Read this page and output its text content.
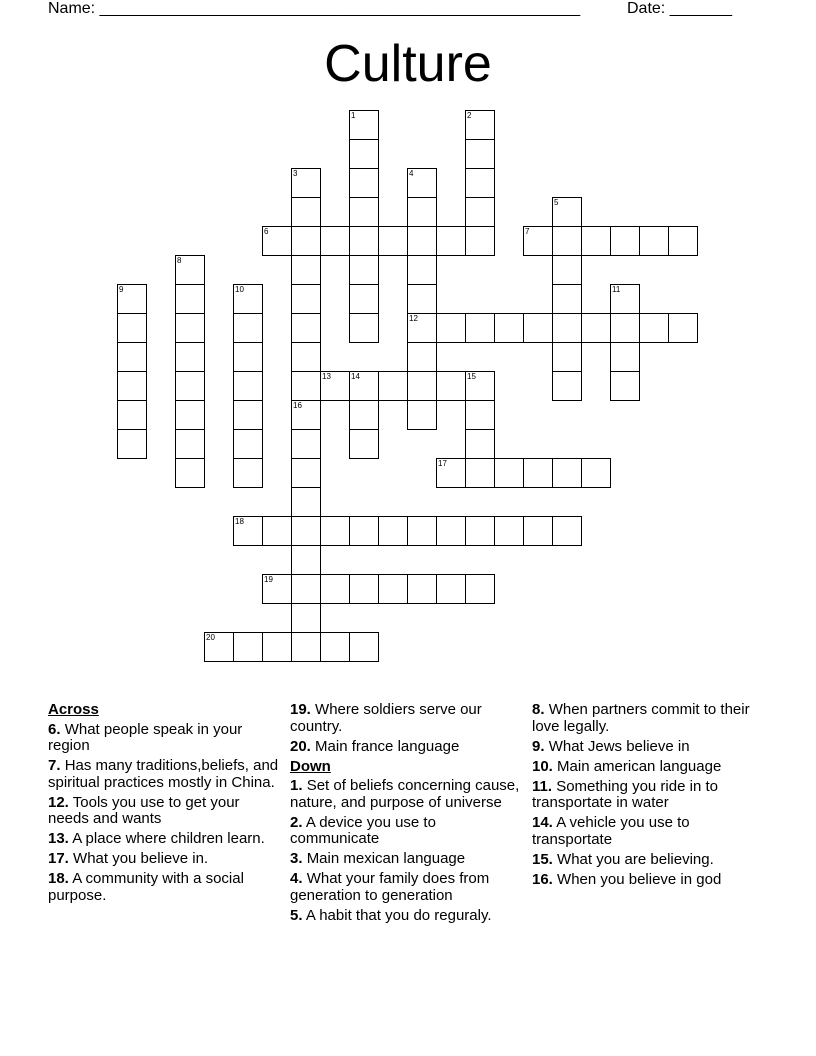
Name: ______________________________________________________	Date: _______
Culture
6	7
12
13	14	15
17
18
19
20
1	2
3	4
5
8
9	10	11
16
Across
6. What people speak in your region
7. Has many traditions,beliefs, and spiritual practices mostly in China.
12. Tools you use to get your needs and wants
13. A place where children learn.
17. What you believe in.
18. A community with a social purpose.
19. Where soldiers serve our country.
20. Main france language
Down
1. Set of beliefs concerning cause, nature, and purpose of universe
2. A device you use to communicate
3. Main mexican language
4. What your family does from generation to generation
5. A habit that you do reguraly.
8. When partners commit to their love legally.
9. What Jews believe in
10. Main american language
11. Something you ride in to transportate in water
14. A vehicle you use to transportate
15. What you are believing.
16. When you believe in god
